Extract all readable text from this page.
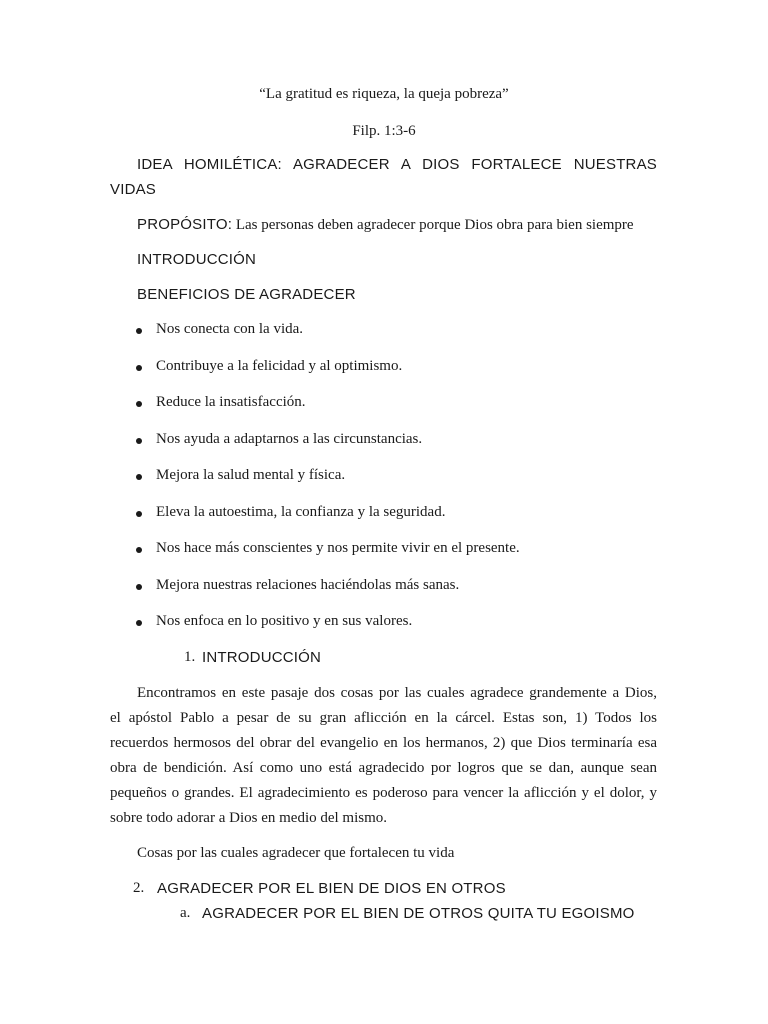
“La gratitud es riqueza, la queja pobreza”
Filp. 1:3-6
IDEA HOMILÉTICA: AGRADECER A DIOS FORTALECE NUESTRAS
VIDAS
PROPÓSITO: Las personas deben agradecer porque Dios obra para bien siempre
INTRODUCCIÓN
BENEFICIOS DE AGRADECER
Nos conecta con la vida.
Contribuye a la felicidad y al optimismo.
Reduce la insatisfacción.
Nos ayuda a adaptarnos a las circunstancias.
Mejora la salud mental y física.
Eleva la autoestima, la confianza y la seguridad.
Nos hace más conscientes y nos permite vivir en el presente.
Mejora nuestras relaciones haciéndolas más sanas.
Nos enfoca en lo positivo y en sus valores.
1. INTRODUCCIÓN
Encontramos en este pasaje dos cosas por las cuales agradece grandemente a Dios,
el apóstol Pablo a pesar de su gran aflicción en la cárcel. Estas son, 1) Todos los
recuerdos hermosos del obrar del evangelio en los hermanos, 2) que Dios terminaría esa
obra de bendición. Así como uno está agradecido por logros que se dan, aunque sean
pequeños o grandes. El agradecimiento es poderoso para vencer la aflicción y el dolor, y
sobre todo adorar a Dios en medio del mismo.
Cosas por las cuales agradecer que fortalecen tu vida
2. AGRADECER POR EL BIEN DE DIOS EN OTROS
a. AGRADECER POR EL BIEN DE OTROS QUITA TU EGOISMO
